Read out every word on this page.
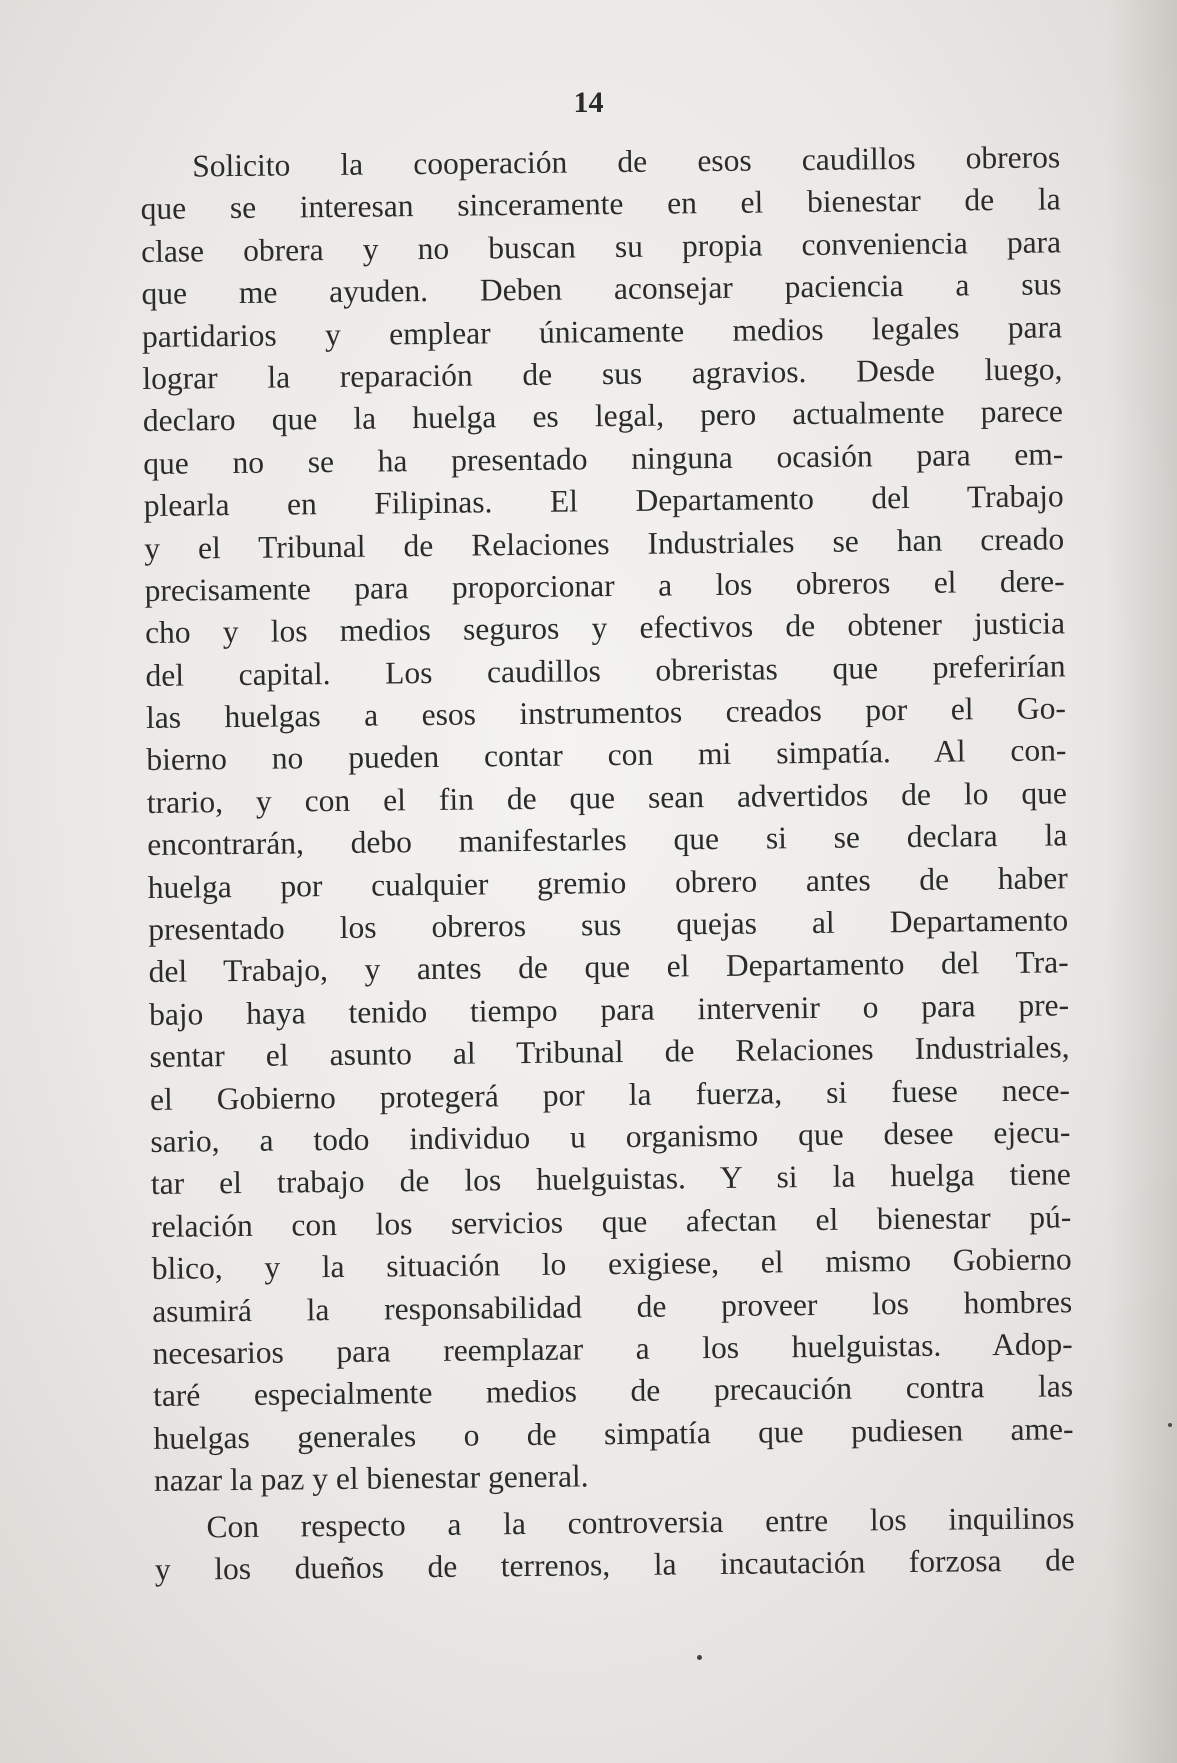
14
Solicito la cooperación de esos caudillos obreros
que se interesan sinceramente en el bienestar de la
clase obrera y no buscan su propia conveniencia para
que me ayuden. Deben aconsejar paciencia a sus
partidarios y emplear únicamente medios legales para
lograr la reparación de sus agravios. Desde luego,
declaro que la huelga es legal, pero actualmente parece
que no se ha presentado ninguna ocasión para em-
plearla en Filipinas. El Departamento del Trabajo
y el Tribunal de Relaciones Industriales se han creado
precisamente para proporcionar a los obreros el dere-
cho y los medios seguros y efectivos de obtener justicia
del capital. Los caudillos obreristas que preferirían
las huelgas a esos instrumentos creados por el Go-
bierno no pueden contar con mi simpatía. Al con-
trario, y con el fin de que sean advertidos de lo que
encontrarán, debo manifestarles que si se declara la
huelga por cualquier gremio obrero antes de haber
presentado los obreros sus quejas al Departamento
del Trabajo, y antes de que el Departamento del Tra-
bajo haya tenido tiempo para intervenir o para pre-
sentar el asunto al Tribunal de Relaciones Industriales,
el Gobierno protegerá por la fuerza, si fuese nece-
sario, a todo individuo u organismo que desee ejecu-
tar el trabajo de los huelguistas. Y si la huelga tiene
relación con los servicios que afectan el bienestar pú-
blico, y la situación lo exigiese, el mismo Gobierno
asumirá la responsabilidad de proveer los hombres
necesarios para reemplazar a los huelguistas. Adop-
taré especialmente medios de precaución contra las
huelgas generales o de simpatía que pudiesen ame-
nazar la paz y el bienestar general.
Con respecto a la controversia entre los inquilinos
y los dueños de terrenos, la incautación forzosa de
